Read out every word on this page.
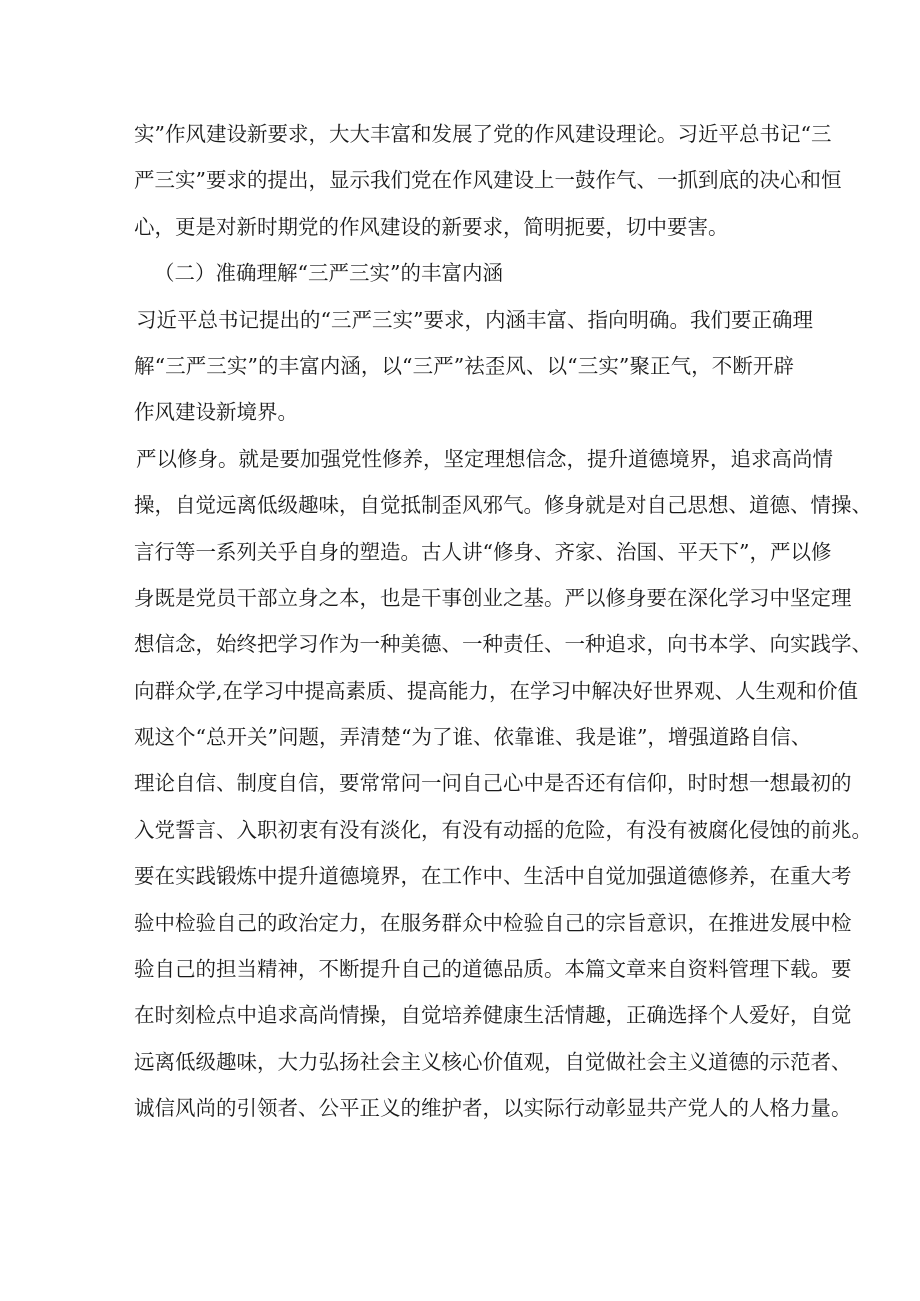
实”作风建设新要求，大大丰富和发展了党的作风建设理论。习近平总书记“三
严三实”要求的提出，显示我们党在作风建设上一鼓作气、一抓到底的决心和恒
心，更是对新时期党的作风建设的新要求，简明扼要，切中要害。
（二）准确理解“三严三实”的丰富内涵
习近平总书记提出的“三严三实”要求，内涵丰富、指向明确。我们要正确理
解“三严三实”的丰富内涵，以“三严”祛歪风、以“三实”聚正气，不断开辟
作风建设新境界。
严以修身。就是要加强党性修养，坚定理想信念，提升道德境界，追求高尚情
操，自觉远离低级趣味，自觉抵制歪风邪气。修身就是对自己思想、道德、情操、
言行等一系列关乎自身的塑造。古人讲“修身、齐家、治国、平天下”，严以修
身既是党员干部立身之本，也是干事创业之基。严以修身要在深化学习中坚定理
想信念，始终把学习作为一种美德、一种责任、一种追求，向书本学、向实践学、
向群众学,在学习中提高素质、提高能力，在学习中解决好世界观、人生观和价值
观这个“总开关”问题，弄清楚“为了谁、依靠谁、我是谁”，增强道路自信、
理论自信、制度自信，要常常问一问自己心中是否还有信仰，时时想一想最初的
入党誓言、入职初衷有没有淡化，有没有动摇的危险，有没有被腐化侵蚀的前兆。
要在实践锻炼中提升道德境界，在工作中、生活中自觉加强道德修养，在重大考
验中检验自己的政治定力，在服务群众中检验自己的宗旨意识，在推进发展中检
验自己的担当精神，不断提升自己的道德品质。本篇文章来自资料管理下载。要
在时刻检点中追求高尚情操，自觉培养健康生活情趣，正确选择个人爱好，自觉
远离低级趣味，大力弘扬社会主义核心价值观，自觉做社会主义道德的示范者、
诚信风尚的引领者、公平正义的维护者，以实际行动彰显共产党人的人格力量。
